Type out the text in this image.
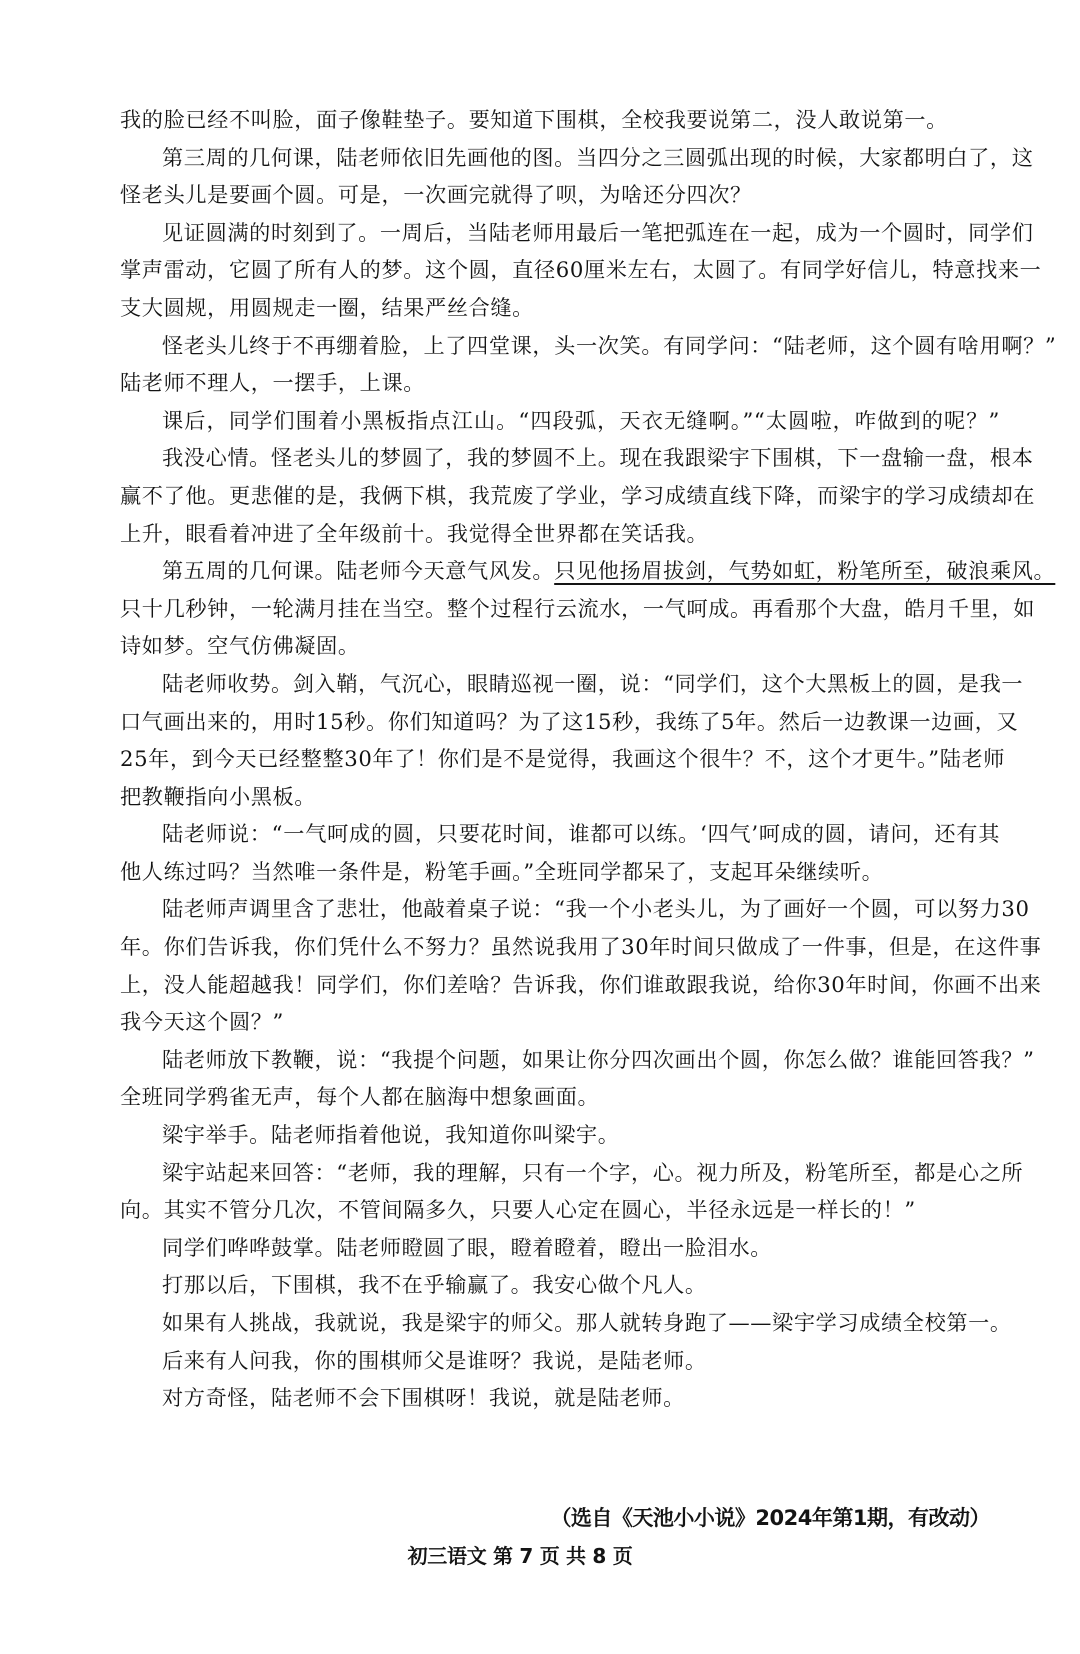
我的脸已经不叫脸，面子像鞋垫子。要知道下围棋，全校我要说第二，没人敢说第一。
第三周的几何课，陆老师依旧先画他的图。当四分之三圆弧出现的时候，大家都明白了，这
怪老头儿是要画个圆。可是，一次画完就得了呗，为啥还分四次？
见证圆满的时刻到了。一周后，当陆老师用最后一笔把弧连在一起，成为一个圆时，同学们
掌声雷动，它圆了所有人的梦。这个圆，直径60厘米左右，太圆了。有同学好信儿，特意找来一
支大圆规，用圆规走一圈，结果严丝合缝。
怪老头儿终于不再绷着脸，上了四堂课，头一次笑。有同学问：“陆老师，这个圆有啥用啊？”
陆老师不理人，一摆手，上课。
课后，同学们围着小黑板指点江山。“四段弧，天衣无缝啊。”“太圆啦，咋做到的呢？”
我没心情。怪老头儿的梦圆了，我的梦圆不上。现在我跟梁宇下围棋，下一盘输一盘，根本
赢不了他。更悲催的是，我俩下棋，我荒废了学业，学习成绩直线下降，而梁宇的学习成绩却在
上升，眼看着冲进了全年级前十。我觉得全世界都在笑话我。
第五周的几何课。陆老师今天意气风发。只见他扬眉拔剑，气势如虹，粉笔所至，破浪乘风。
只十几秒钟，一轮满月挂在当空。整个过程行云流水，一气呵成。再看那个大盘，皓月千里，如
诗如梦。空气仿佛凝固。
陆老师收势。剑入鞘，气沉心，眼睛巡视一圈，说：“同学们，这个大黑板上的圆，是我一
口气画出来的，用时15秒。你们知道吗？为了这15秒，我练了5年。然后一边教课一边画，又
25年，到今天已经整整30年了！你们是不是觉得，我画这个很牛？不，这个才更牛。”陆老师
把教鞭指向小黑板。
陆老师说：“一气呵成的圆，只要花时间，谁都可以练。‘四气’呵成的圆，请问，还有其
他人练过吗？当然唯一条件是，粉笔手画。”全班同学都呆了，支起耳朵继续听。
陆老师声调里含了悲壮，他敲着桌子说：“我一个小老头儿，为了画好一个圆，可以努力30
年。你们告诉我，你们凭什么不努力？虽然说我用了30年时间只做成了一件事，但是，在这件事
上，没人能超越我！同学们，你们差啥？告诉我，你们谁敢跟我说，给你30年时间，你画不出来
我今天这个圆？”
陆老师放下教鞭，说：“我提个问题，如果让你分四次画出个圆，你怎么做？谁能回答我？”
全班同学鸦雀无声，每个人都在脑海中想象画面。
梁宇举手。陆老师指着他说，我知道你叫梁宇。
梁宇站起来回答：“老师，我的理解，只有一个字，心。视力所及，粉笔所至，都是心之所
向。其实不管分几次，不管间隔多久，只要人心定在圆心，半径永远是一样长的！”
同学们哗哗鼓掌。陆老师瞪圆了眼，瞪着瞪着，瞪出一脸泪水。
打那以后，下围棋，我不在乎输赢了。我安心做个凡人。
如果有人挑战，我就说，我是梁宇的师父。那人就转身跑了——梁宇学习成绩全校第一。
后来有人问我，你的围棋师父是谁呀？我说，是陆老师。
对方奇怪，陆老师不会下围棋呀！我说，就是陆老师。
（选自《天池小小说》2024年第1期，有改动）
初三语文 第 7 页 共 8 页
